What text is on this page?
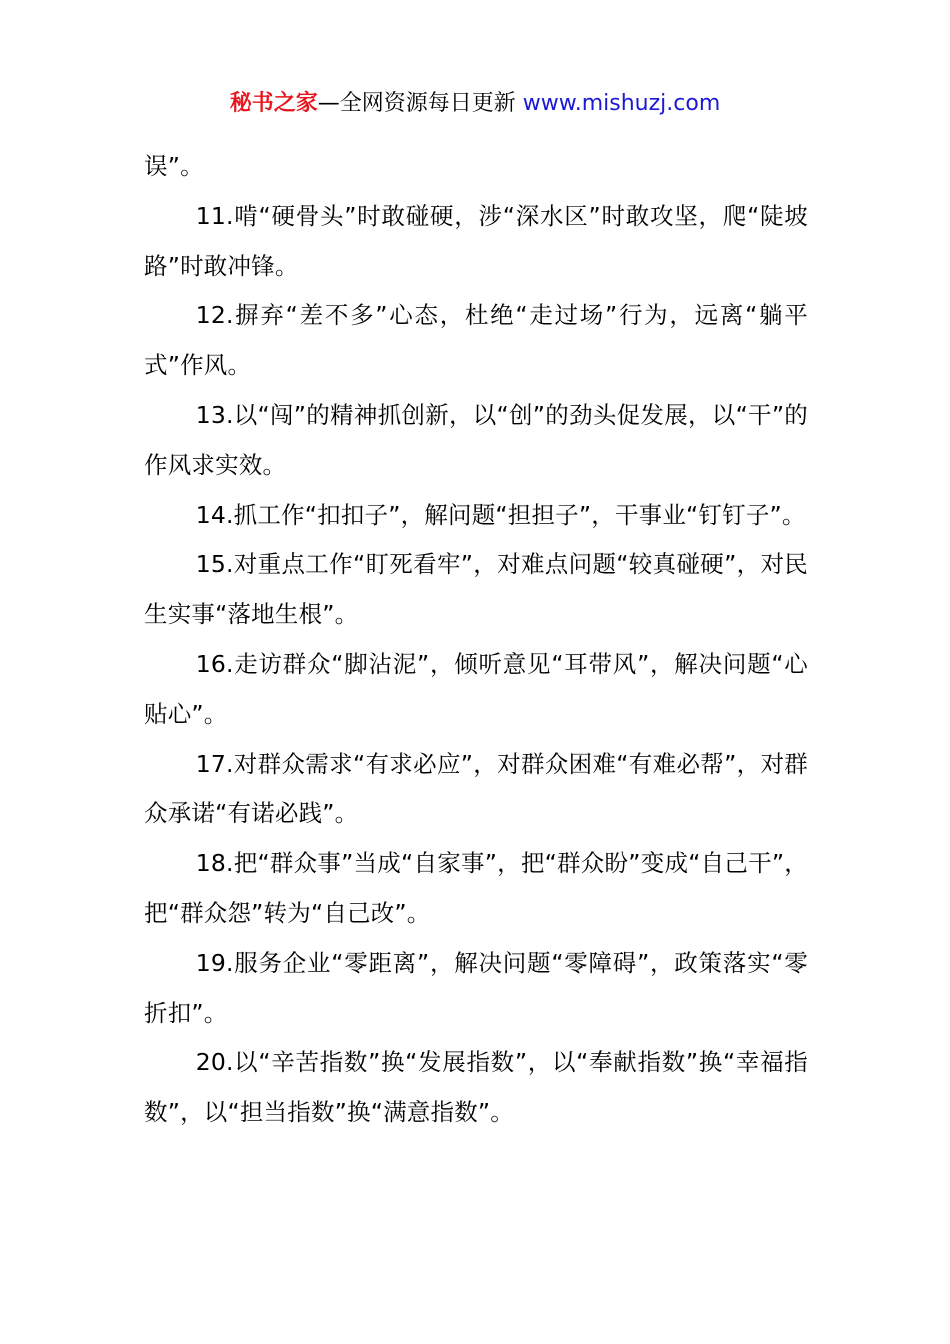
秘书之家—全网资源每日更新 www.mishuzj.com

误”。

11.啃“硬骨头”时敢碰硬，涉“深水区”时敢攻坚，爬“陡坡路”时敢冲锋。

12.摒弃“差不多”心态，杜绝“走过场”行为，远离“躺平式”作风。

13.以“闯”的精神抓创新，以“创”的劲头促发展，以“干”的作风求实效。

14.抓工作“扣扣子”，解问题“担担子”，干事业“钉钉子”。

15.对重点工作“盯死看牢”，对难点问题“较真碰硬”，对民生实事“落地生根”。

16.走访群众“脚沾泥”，倾听意见“耳带风”，解决问题“心贴心”。

17.对群众需求“有求必应”，对群众困难“有难必帮”，对群众承诺“有诺必践”。

18.把“群众事”当成“自家事”，把“群众盼”变成“自己干”，把“群众怨”转为“自己改”。

19.服务企业“零距离”，解决问题“零障碍”，政策落实“零折扣”。

20.以“辛苦指数”换“发展指数”，以“奉献指数”换“幸福指数”，以“担当指数”换“满意指数”。
